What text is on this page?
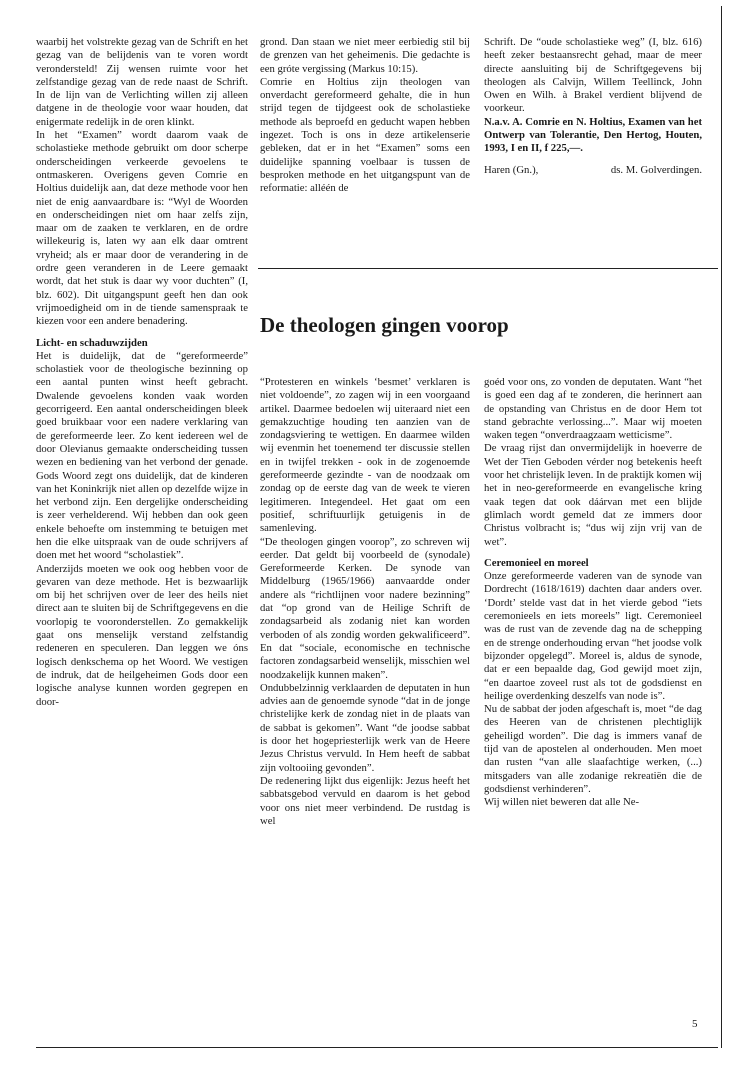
waarbij het volstrekte gezag van de Schrift en het gezag van de belijdenis van te voren wordt verondersteld! Zij wensen ruimte voor het zelfstandige gezag van de rede naast de Schrift. In de lijn van de Verlichting willen zij alleen datgene in de theologie voor waar houden, dat enigermate redelijk in de oren klinkt.

In het “Examen” wordt daarom vaak de scholastieke methode gebruikt om door scherpe onderscheidingen verkeerde gevoelens te ontmaskeren. Overigens geven Comrie en Holtius duidelijk aan, dat deze methode voor hen niet de enig aanvaardbare is: “Wyl de Woorden en onderscheidingen niet om haar zelfs zijn, maar om de zaaken te verklaren, en de ordre willekeurig is, laten wy aan elk daar omtrent vryheid; als er maar door de verandering in de ordre geen veranderen in de Leere gemaakt wordt, dat het stuk is daar wy voor duchten” (I, blz. 602). Dit uitgangspunt geeft hen dan ook vrijmoedigheid om in de tiende samenspraak te kiezen voor een andere benadering.

Licht- en schaduwzijden

Het is duidelijk, dat de “gereformeerde” scholastiek voor de theologische bezinning op een aantal punten winst heeft gebracht. Dwalende gevoelens konden vaak worden gecorrigeerd. Een aantal onderscheidingen bleek goed bruikbaar voor een nadere verklaring van de gereformeerde leer. Zo kent iedereen wel de door Olevianus gemaakte onderscheiding tussen wezen en bediening van het verbond der genade. Gods Woord zegt ons duidelijk, dat de kinderen van het Koninkrijk niet allen op dezelfde wijze in het verbond zijn. Een dergelijke onderscheiding is zeer verhelderend. Wij hebben dan ook geen enkele behoefte om instemming te betuigen met hen die elke uitspraak van de oude schrijvers af doen met het woord “scholastiek”.

Anderzijds moeten we ook oog hebben voor de gevaren van deze methode. Het is bezwaarlijk om bij het schrijven over de leer des heils niet direct aan te sluiten bij de Schriftgegevens en die voorlopig te vooronderstellen. Zo gemakkelijk gaat ons menselijk verstand zelfstandig redeneren en speculeren. Dan leggen we óns logisch denkschema op het Woord. We vestigen de indruk, dat de heilgeheimen Gods door een logische analyse kunnen worden gegrepen en door-

grond. Dan staan we niet meer eerbiedig stil bij de grenzen van het geheimenis. Die gedachte is een gróte vergissing (Markus 10:15).

Comrie en Holtius zijn theologen van onverdacht gereformeerd gehalte, die in hun strijd tegen de tijdgeest ook de scholastieke methode als beproefd en geducht wapen hebben ingezet. Toch is ons in deze artikelenserie gebleken, dat er in het “Examen” soms een duidelijke spanning voelbaar is tussen de besproken methode en het uitgangspunt van de reformatie: alléén de

Schrift. De “oude scholastieke weg” (I, blz. 616) heeft zeker bestaansrecht gehad, maar de meer directe aansluiting bij de Schriftgegevens bij theologen als Calvijn, Willem Teellinck, John Owen en Wilh. à Brakel verdient blijvend de voorkeur.

N.a.v. A. Comrie en N. Holtius, Examen van het Ontwerp van Tolerantie, Den Hertog, Houten, 1993, I en II, f 225,—.

Haren (Gn.),	ds. M. Golverdingen.
De theologen gingen voorop

“Protesteren en winkels ‘besmet’ verklaren is niet voldoende”, zo zagen wij in een voorgaand artikel. Daarmee bedoelen wij uiteraard niet een gemakzuchtige houding ten aanzien van de zondagsviering te wettigen. En daarmee wilden wij evenmin het toenemend ter discussie stellen en in twijfel trekken - ook in de zogenoemde gereformeerde gezindte - van de noodzaak om zondag op de eerste dag van de week te vieren legitimeren. Integendeel. Het gaat om een positief, schriftuurlijk getuigenis in de samenleving.

“De theologen gingen voorop”, zo schreven wij eerder. Dat geldt bij voorbeeld de (synodale) Gereformeerde Kerken. De synode van Middelburg (1965/1966) aanvaardde onder andere als “richtlijnen voor nadere bezinning” dat “op grond van de Heilige Schrift de zondagsarbeid als zodanig niet kan worden verboden of als zondig worden gekwalificeerd”. En dat “sociale, economische en technische factoren zondagsarbeid wenselijk, misschien wel noodzakelijk kunnen maken”.

Ondubbelzinnig verklaarden de deputaten in hun advies aan de genoemde synode “dat in de jonge christelijke kerk de zondag niet in de plaats van de sabbat is gekomen”. Want “de joodse sabbat is door het hogepriesterlijk werk van de Heere Jezus Christus vervuld. In Hem heeft de sabbat zijn voltooiing gevonden”.

De redenering lijkt dus eigenlijk: Jezus heeft het sabbatsgebod vervuld en daarom is het gebod voor ons niet meer verbindend. De rustdag is wel

goéd voor ons, zo vonden de deputaten. Want “het is goed een dag af te zonderen, die herinnert aan de opstanding van Christus en de door Hem tot stand gebrachte verlossing...”. Maar wij moeten waken tegen “onverdraagzaam wetticisme”.

De vraag rijst dan onvermijdelijk in hoeverre de Wet der Tien Geboden vérder nog betekenis heeft voor het christelijk leven. In de praktijk komen wij het in neo-gereformeerde en evangelische kring vaak tegen dat ook dáárvan met een blijde glimlach wordt gemeld dat ze immers door Christus volbracht is; “dus wij zijn vrij van de wet”.

Ceremonieel en moreel

Onze gereformeerde vaderen van de synode van Dordrecht (1618/1619) dachten daar anders over. ‘Dordt’ stelde vast dat in het vierde gebod “iets ceremonieels en iets moreels” ligt. Ceremonieel was de rust van de zevende dag na de schepping en de strenge onderhouding ervan “het joodse volk bijzonder opgelegd”. Moreel is, aldus de synode, dat er een bepaalde dag, God gewijd moet zijn, “en daartoe zoveel rust als tot de godsdienst en heilige overdenking deszelfs van node is”.

Nu de sabbat der joden afgeschaft is, moet “de dag des Heeren van de christenen plechtiglijk geheiligd worden”. Die dag is immers vanaf de tijd van de apostelen al onderhouden. Men moet dan rusten “van alle slaafachtige werken, (...) mitsgaders van alle zodanige rekreatiën die de godsdienst verhinderen”.

Wij willen niet beweren dat alle Ne-

5
